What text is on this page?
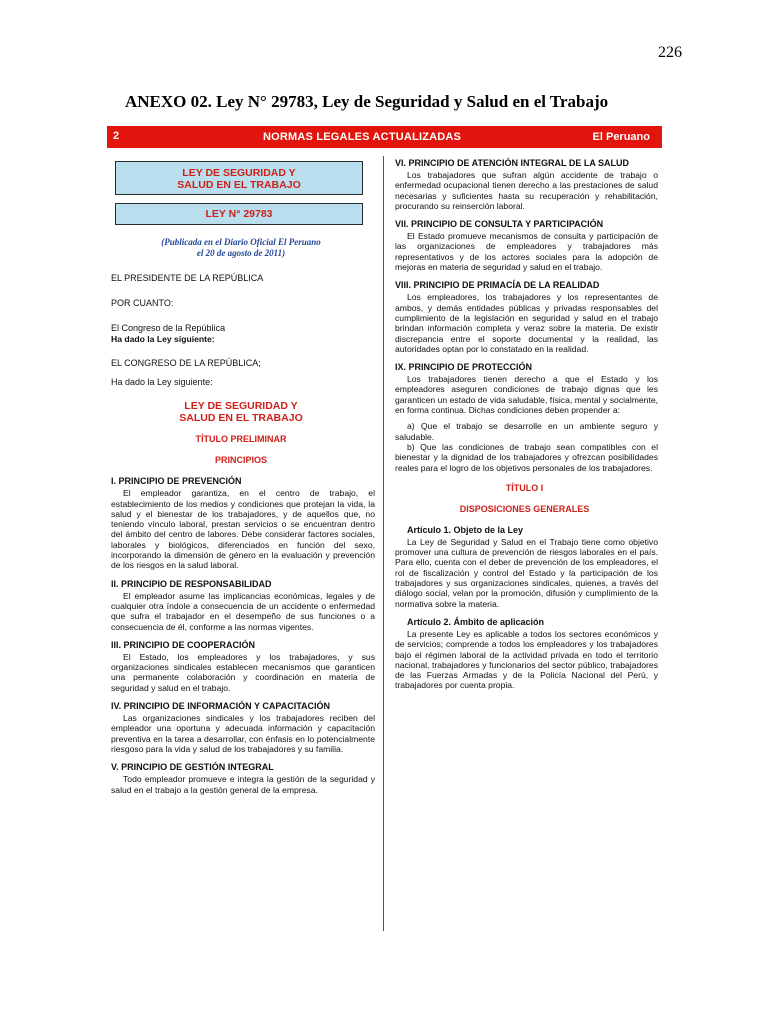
226
ANEXO 02. Ley N° 29783, Ley de Seguridad y Salud en el Trabajo
2	NORMAS LEGALES ACTUALIZADAS	El Peruano
LEY DE SEGURIDAD Y
SALUD EN EL TRABAJO
LEY N° 29783
(Publicada en el Diario Oficial El Peruano
el 20 de agosto de 2011)
EL PRESIDENTE DE LA REPÚBLICA
POR CUANTO:
El Congreso de la República
Ha dado la Ley siguiente:
EL CONGRESO DE LA REPÚBLICA;
Ha dado la Ley siguiente:
LEY DE SEGURIDAD Y
SALUD EN EL TRABAJO
TÍTULO PRELIMINAR
PRINCIPIOS
I. PRINCIPIO DE PREVENCIÓN
El empleador garantiza, en el centro de trabajo, el establecimiento de los medios y condiciones que protejan la vida, la salud y el bienestar de los trabajadores, y de aquellos que, no teniendo vínculo laboral, prestan servicios o se encuentran dentro del ámbito del centro de labores. Debe considerar factores sociales, laborales y biológicos, diferenciados en función del sexo, incorporando la dimensión de género en la evaluación y prevención de los riesgos en la salud laboral.
II. PRINCIPIO DE RESPONSABILIDAD
El empleador asume las implicancias económicas, legales y de cualquier otra índole a consecuencia de un accidente o enfermedad que sufra el trabajador en el desempeño de sus funciones o a consecuencia de él, conforme a las normas vigentes.
III. PRINCIPIO DE COOPERACIÓN
El Estado, los empleadores y los trabajadores, y sus organizaciones sindicales establecen mecanismos que garanticen una permanente colaboración y coordinación en materia de seguridad y salud en el trabajo.
IV. PRINCIPIO DE INFORMACIÓN Y CAPACITACIÓN
Las organizaciones sindicales y los trabajadores reciben del empleador una oportuna y adecuada información y capacitación preventiva en la tarea a desarrollar, con énfasis en lo potencialmente riesgoso para la vida y salud de los trabajadores y su familia.
V. PRINCIPIO DE GESTIÓN INTEGRAL
Todo empleador promueve e integra la gestión de la seguridad y salud en el trabajo a la gestión general de la empresa.
VI. PRINCIPIO DE ATENCIÓN INTEGRAL DE LA SALUD
Los trabajadores que sufran algún accidente de trabajo o enfermedad ocupacional tienen derecho a las prestaciones de salud necesarias y suficientes hasta su recuperación y rehabilitación, procurando su reinserción laboral.
VII. PRINCIPIO DE CONSULTA Y PARTICIPACIÓN
El Estado promueve mecanismos de consulta y participación de las organizaciones de empleadores y trabajadores más representativos y de los actores sociales para la adopción de mejoras en materia de seguridad y salud en el trabajo.
VIII. PRINCIPIO DE PRIMACÍA DE LA REALIDAD
Los empleadores, los trabajadores y los representantes de ambos, y demás entidades públicas y privadas responsables del cumplimiento de la legislación en seguridad y salud en el trabajo brindan información completa y veraz sobre la materia. De existir discrepancia entre el soporte documental y la realidad, las autoridades optan por lo constatado en la realidad.
IX. PRINCIPIO DE PROTECCIÓN
Los trabajadores tienen derecho a que el Estado y los empleadores aseguren condiciones de trabajo dignas que les garanticen un estado de vida saludable, física, mental y socialmente, en forma continua. Dichas condiciones deben propender a:
a) Que el trabajo se desarrolle en un ambiente seguro y saludable.
b) Que las condiciones de trabajo sean compatibles con el bienestar y la dignidad de los trabajadores y ofrezcan posibilidades reales para el logro de los objetivos personales de los trabajadores.
TÍTULO I
DISPOSICIONES GENERALES
Artículo 1. Objeto de la Ley
La Ley de Seguridad y Salud en el Trabajo tiene como objetivo promover una cultura de prevención de riesgos laborales en el país. Para ello, cuenta con el deber de prevención de los empleadores, el rol de fiscalización y control del Estado y la participación de los trabajadores y sus organizaciones sindicales, quienes, a través del diálogo social, velan por la promoción, difusión y cumplimiento de la normativa sobre la materia.
Artículo 2. Ámbito de aplicación
La presente Ley es aplicable a todos los sectores económicos y de servicios; comprende a todos los empleadores y los trabajadores bajo el régimen laboral de la actividad privada en todo el territorio nacional, trabajadores y funcionarios del sector público, trabajadores de las Fuerzas Armadas y de la Policía Nacional del Perú, y trabajadores por cuenta propia.
